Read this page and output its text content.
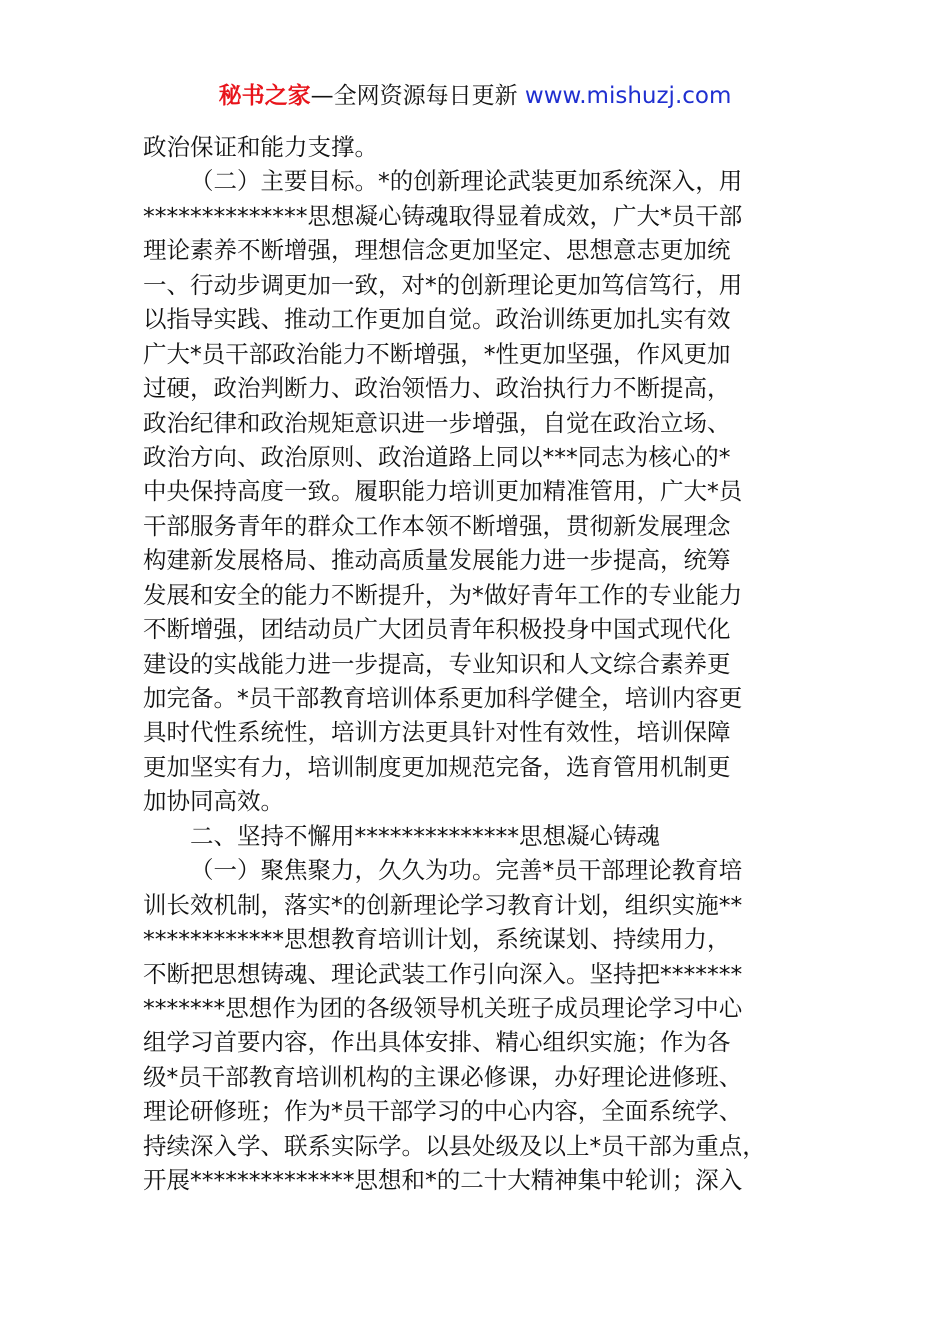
秘书之家—全网资源每日更新 www.mishuzj.com
政治保证和能力支撑。
（二）主要目标。*的创新理论武装更加系统深入，用
**************思想凝心铸魂取得显着成效，广大*员干部
理论素养不断增强，理想信念更加坚定、思想意志更加统
一、行动步调更加一致，对*的创新理论更加笃信笃行，用
以指导实践、推动工作更加自觉。政治训练更加扎实有效
广大*员干部政治能力不断增强，*性更加坚强，作风更加
过硬，政治判断力、政治领悟力、政治执行力不断提高，
政治纪律和政治规矩意识进一步增强，自觉在政治立场、
政治方向、政治原则、政治道路上同以***同志为核心的*
中央保持高度一致。履职能力培训更加精准管用，广大*员
干部服务青年的群众工作本领不断增强，贯彻新发展理念
构建新发展格局、推动高质量发展能力进一步提高，统筹
发展和安全的能力不断提升，为*做好青年工作的专业能力
不断增强，团结动员广大团员青年积极投身中国式现代化
建设的实战能力进一步提高，专业知识和人文综合素养更
加完备。*员干部教育培训体系更加科学健全，培训内容更
具时代性系统性，培训方法更具针对性有效性，培训保障
更加坚实有力，培训制度更加规范完备，选育管用机制更
加协同高效。
二、坚持不懈用**************思想凝心铸魂
（一）聚焦聚力，久久为功。完善*员干部理论教育培
训长效机制，落实*的创新理论学习教育计划，组织实施**
************思想教育培训计划，系统谋划、持续用力，
不断把思想铸魂、理论武装工作引向深入。坚持把*******
*******思想作为团的各级领导机关班子成员理论学习中心
组学习首要内容，作出具体安排、精心组织实施；作为各
级*员干部教育培训机构的主课必修课，办好理论进修班、
理论研修班；作为*员干部学习的中心内容，全面系统学、
持续深入学、联系实际学。以县处级及以上*员干部为重点，
开展**************思想和*的二十大精神集中轮训；深入
